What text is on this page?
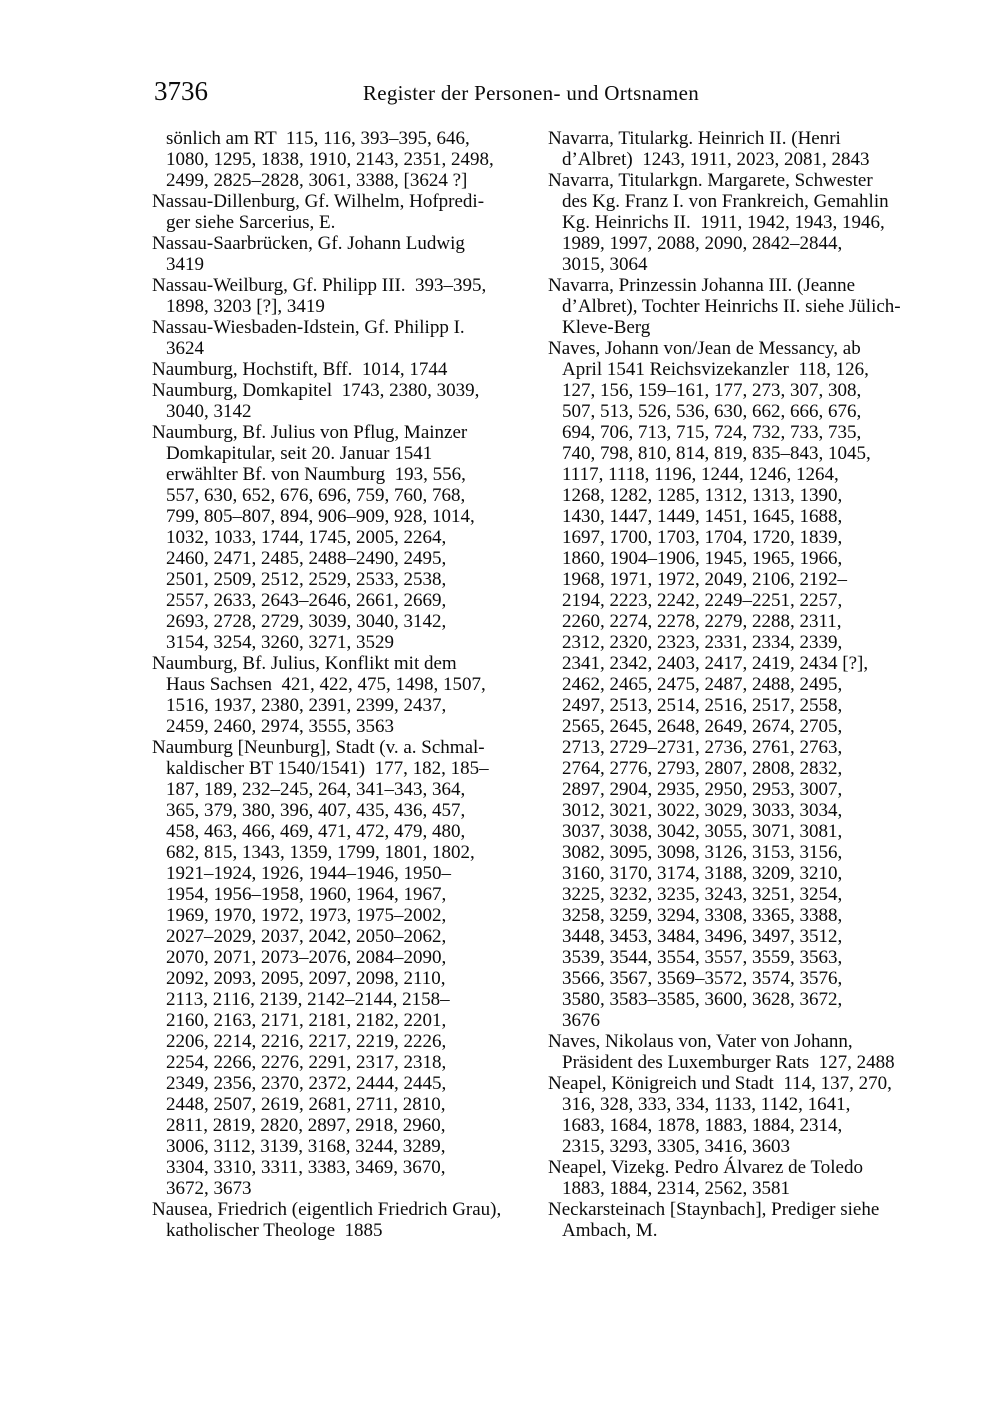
3736	Register der Personen- und Ortsnamen
sönlich am RT  115, 116, 393–395, 646,
1080, 1295, 1838, 1910, 2143, 2351, 2498,
2499, 2825–2828, 3061, 3388, [3624 ?]
Nassau-Dillenburg, Gf. Wilhelm, Hofpredi-
ger siehe Sarcerius, E.
Nassau-Saarbrücken, Gf. Johann Ludwig
3419
Nassau-Weilburg, Gf. Philipp III.  393–395,
1898, 3203 [?], 3419
Nassau-Wiesbaden-Idstein, Gf. Philipp I.
3624
Naumburg, Hochstift, Bff.  1014, 1744
Naumburg, Domkapitel  1743, 2380, 3039,
3040, 3142
Naumburg, Bf. Julius von Pflug, Mainzer
Domkapitular, seit 20. Januar 1541
erwählter Bf. von Naumburg  193, 556,
557, 630, 652, 676, 696, 759, 760, 768,
799, 805–807, 894, 906–909, 928, 1014,
1032, 1033, 1744, 1745, 2005, 2264,
2460, 2471, 2485, 2488–2490, 2495,
2501, 2509, 2512, 2529, 2533, 2538,
2557, 2633, 2643–2646, 2661, 2669,
2693, 2728, 2729, 3039, 3040, 3142,
3154, 3254, 3260, 3271, 3529
Naumburg, Bf. Julius, Konflikt mit dem
Haus Sachsen  421, 422, 475, 1498, 1507,
1516, 1937, 2380, 2391, 2399, 2437,
2459, 2460, 2974, 3555, 3563
Naumburg [Neunburg], Stadt (v. a. Schmal-
kaldischer BT 1540/1541)  177, 182, 185–
187, 189, 232–245, 264, 341–343, 364,
365, 379, 380, 396, 407, 435, 436, 457,
458, 463, 466, 469, 471, 472, 479, 480,
682, 815, 1343, 1359, 1799, 1801, 1802,
1921–1924, 1926, 1944–1946, 1950–
1954, 1956–1958, 1960, 1964, 1967,
1969, 1970, 1972, 1973, 1975–2002,
2027–2029, 2037, 2042, 2050–2062,
2070, 2071, 2073–2076, 2084–2090,
2092, 2093, 2095, 2097, 2098, 2110,
2113, 2116, 2139, 2142–2144, 2158–
2160, 2163, 2171, 2181, 2182, 2201,
2206, 2214, 2216, 2217, 2219, 2226,
2254, 2266, 2276, 2291, 2317, 2318,
2349, 2356, 2370, 2372, 2444, 2445,
2448, 2507, 2619, 2681, 2711, 2810,
2811, 2819, 2820, 2897, 2918, 2960,
3006, 3112, 3139, 3168, 3244, 3289,
3304, 3310, 3311, 3383, 3469, 3670,
3672, 3673
Nausea, Friedrich (eigentlich Friedrich Grau),
katholischer Theologe  1885
Navarra, Titularkg. Heinrich II. (Henri
d’Albret)  1243, 1911, 2023, 2081, 2843
Navarra, Titularkgn. Margarete, Schwester
des Kg. Franz I. von Frankreich, Gemahlin
Kg. Heinrichs II.  1911, 1942, 1943, 1946,
1989, 1997, 2088, 2090, 2842–2844,
3015, 3064
Navarra, Prinzessin Johanna III. (Jeanne
d’Albret), Tochter Heinrichs II. siehe Jülich-
Kleve-Berg
Naves, Johann von/Jean de Messancy, ab
April 1541 Reichsvizekanzler  118, 126,
127, 156, 159–161, 177, 273, 307, 308,
507, 513, 526, 536, 630, 662, 666, 676,
694, 706, 713, 715, 724, 732, 733, 735,
740, 798, 810, 814, 819, 835–843, 1045,
1117, 1118, 1196, 1244, 1246, 1264,
1268, 1282, 1285, 1312, 1313, 1390,
1430, 1447, 1449, 1451, 1645, 1688,
1697, 1700, 1703, 1704, 1720, 1839,
1860, 1904–1906, 1945, 1965, 1966,
1968, 1971, 1972, 2049, 2106, 2192–
2194, 2223, 2242, 2249–2251, 2257,
2260, 2274, 2278, 2279, 2288, 2311,
2312, 2320, 2323, 2331, 2334, 2339,
2341, 2342, 2403, 2417, 2419, 2434 [?],
2462, 2465, 2475, 2487, 2488, 2495,
2497, 2513, 2514, 2516, 2517, 2558,
2565, 2645, 2648, 2649, 2674, 2705,
2713, 2729–2731, 2736, 2761, 2763,
2764, 2776, 2793, 2807, 2808, 2832,
2897, 2904, 2935, 2950, 2953, 3007,
3012, 3021, 3022, 3029, 3033, 3034,
3037, 3038, 3042, 3055, 3071, 3081,
3082, 3095, 3098, 3126, 3153, 3156,
3160, 3170, 3174, 3188, 3209, 3210,
3225, 3232, 3235, 3243, 3251, 3254,
3258, 3259, 3294, 3308, 3365, 3388,
3448, 3453, 3484, 3496, 3497, 3512,
3539, 3544, 3554, 3557, 3559, 3563,
3566, 3567, 3569–3572, 3574, 3576,
3580, 3583–3585, 3600, 3628, 3672,
3676
Naves, Nikolaus von, Vater von Johann,
Präsident des Luxemburger Rats  127, 2488
Neapel, Königreich und Stadt  114, 137, 270,
316, 328, 333, 334, 1133, 1142, 1641,
1683, 1684, 1878, 1883, 1884, 2314,
2315, 3293, 3305, 3416, 3603
Neapel, Vizekg. Pedro Álvarez de Toledo
1883, 1884, 2314, 2562, 3581
Neckarsteinach [Staynbach], Prediger siehe
Ambach, M.
